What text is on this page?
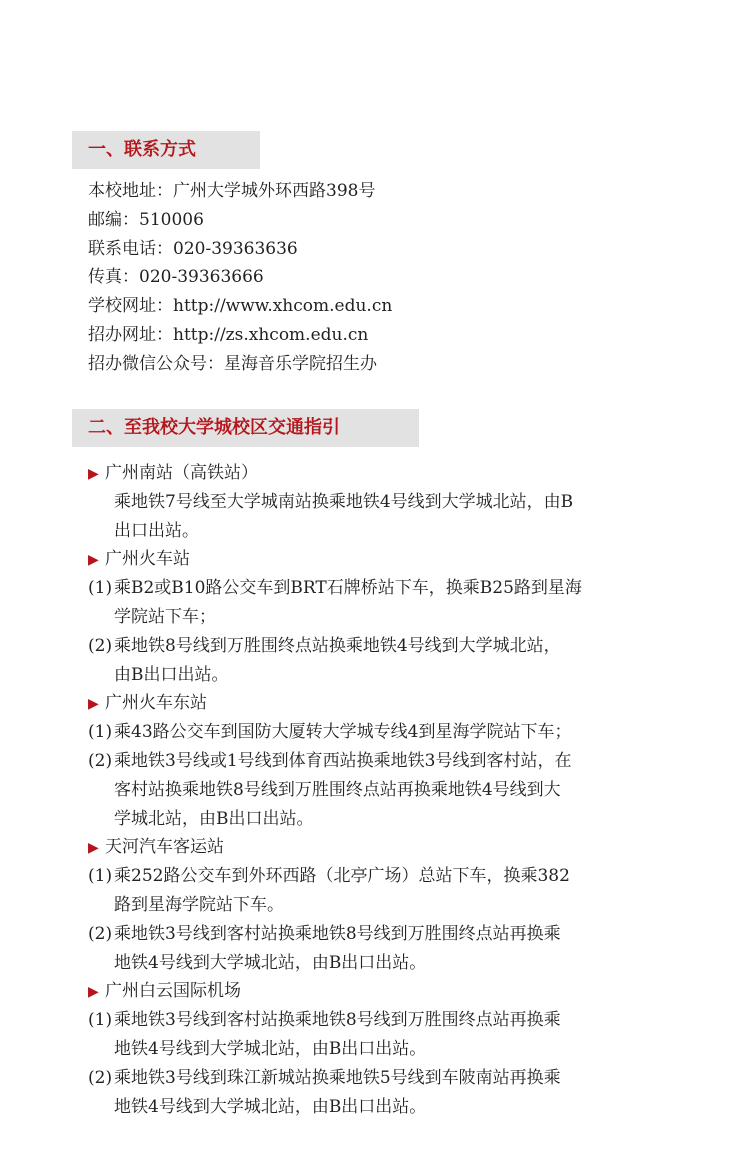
一、联系方式
本校地址：广州大学城外环西路398号
邮编：510006
联系电话：020-39363636
传真：020-39363666
学校网址：http://www.xhcom.edu.cn
招办网址：http://zs.xhcom.edu.cn
招办微信公众号：星海音乐学院招生办
二、至我校大学城校区交通指引
▶ 广州南站（高铁站）
乘地铁7号线至大学城南站换乘地铁4号线到大学城北站，由B
出口出站。
▶ 广州火车站
(1) 乘B2或B10路公交车到BRT石牌桥站下车，换乘B25路到星海
学院站下车；
(2) 乘地铁8号线到万胜围终点站换乘地铁4号线到大学城北站，
由B出口出站。
▶ 广州火车东站
(1) 乘43路公交车到国防大厦转大学城专线4到星海学院站下车；
(2) 乘地铁3号线或1号线到体育西站换乘地铁3号线到客村站，在
客村站换乘地铁8号线到万胜围终点站再换乘地铁4号线到大
学城北站，由B出口出站。
▶ 天河汽车客运站
(1) 乘252路公交车到外环西路（北亭广场）总站下车，换乘382
路到星海学院站下车。
(2) 乘地铁3号线到客村站换乘地铁8号线到万胜围终点站再换乘
地铁4号线到大学城北站，由B出口出站。
▶ 广州白云国际机场
(1) 乘地铁3号线到客村站换乘地铁8号线到万胜围终点站再换乘
地铁4号线到大学城北站，由B出口出站。
(2) 乘地铁3号线到珠江新城站换乘地铁5号线到车陂南站再换乘
地铁4号线到大学城北站，由B出口出站。
